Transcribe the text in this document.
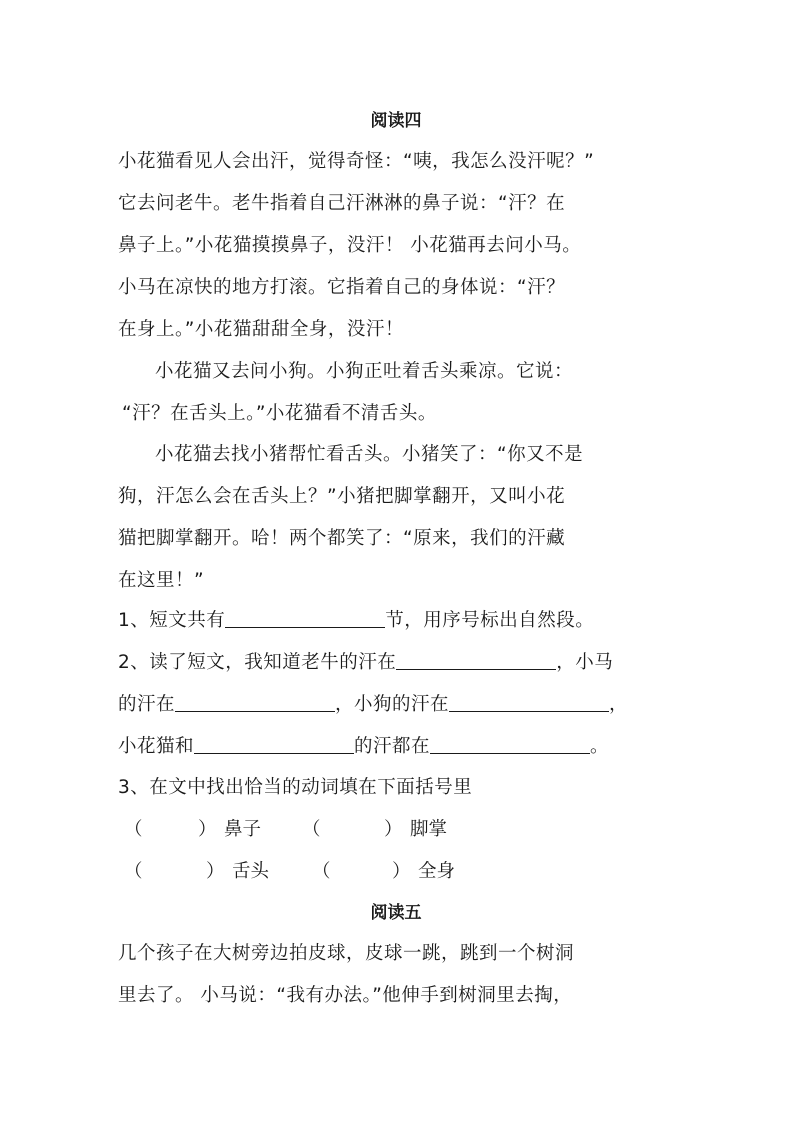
阅读四
小花猫看见人会出汗，觉得奇怪：“咦，我怎么没汗呢？”
它去问老牛。老牛指着自己汗淋淋的鼻子说：“汗？在
鼻子上。”小花猫摸摸鼻子，没汗！ 小花猫再去问小马。
小马在凉快的地方打滚。它指着自己的身体说：“汗？
在身上。”小花猫甜甜全身，没汗！
小花猫又去问小狗。小狗正吐着舌头乘凉。它说：
“汗？在舌头上。”小花猫看不清舌头。
小花猫去找小猪帮忙看舌头。小猪笑了：“你又不是
狗，汗怎么会在舌头上？”小猪把脚掌翻开，又叫小花
猫把脚掌翻开。哈！两个都笑了：“原来，我们的汗藏
在这里！”
1、短文共有	节，用序号标出自然段。
2、读了短文，我知道老牛的汗在	，小马
的汗在	，小狗的汗在	，
小花猫和	的汗都在	。
3、在文中找出恰当的动词填在下面括号里
（	） 鼻子 （	） 脚掌
（	） 舌头 （	） 全身
阅读五
几个孩子在大树旁边拍皮球，皮球一跳，跳到一个树洞
里去了。 小马说：“我有办法。”他伸手到树洞里去掏，
